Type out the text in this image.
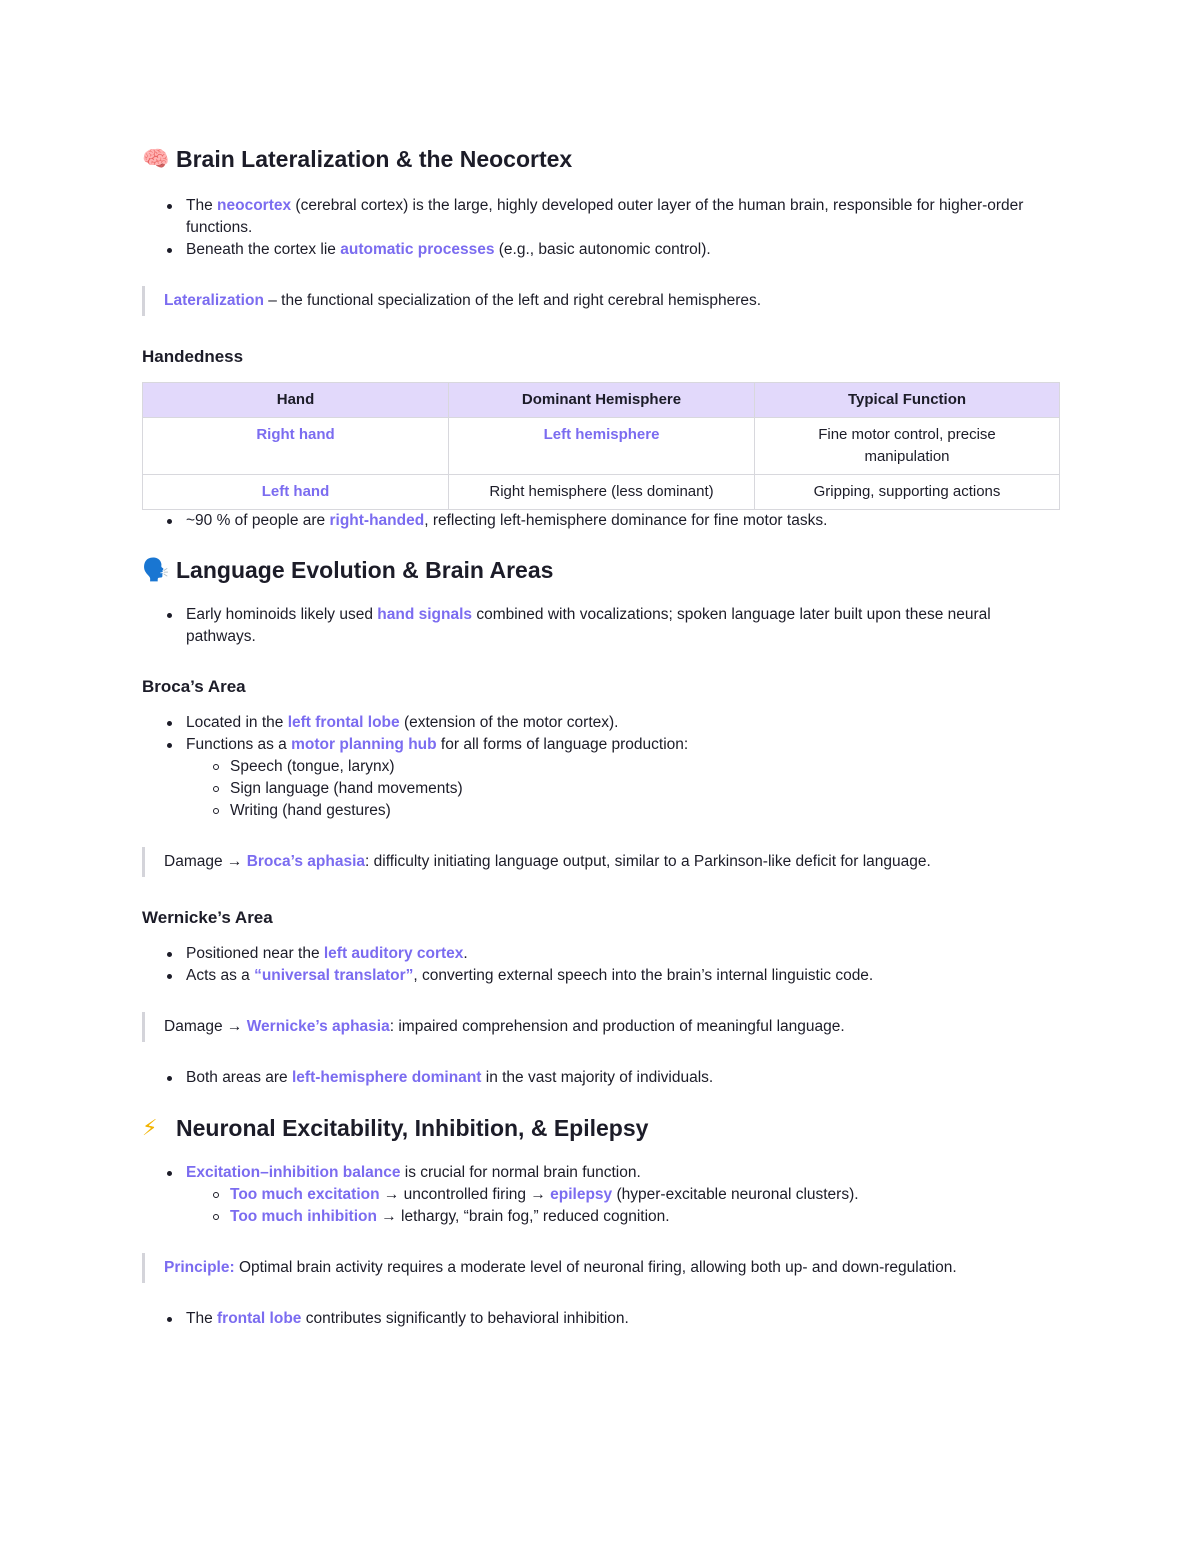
🧠 Brain Lateralization & the Neocortex
The neocortex (cerebral cortex) is the large, highly developed outer layer of the human brain, responsible for higher-order functions.
Beneath the cortex lie automatic processes (e.g., basic autonomic control).
Lateralization – the functional specialization of the left and right cerebral hemispheres.
Handedness
Hand	Dominant Hemisphere	Typical Function
Right hand	Left hemisphere	Fine motor control, precise manipulation
Left hand	Right hemisphere (less dominant)	Gripping, supporting actions
~90 % of people are right-handed, reflecting left-hemisphere dominance for fine motor tasks.
🗣️ Language Evolution & Brain Areas
Early hominoids likely used hand signals combined with vocalizations; spoken language later built upon these neural pathways.
Broca’s Area
Located in the left frontal lobe (extension of the motor cortex).
Functions as a motor planning hub for all forms of language production:
Speech (tongue, larynx)
Sign language (hand movements)
Writing (hand gestures)
Damage → Broca’s aphasia: difficulty initiating language output, similar to a Parkinson-like deficit for language.
Wernicke’s Area
Positioned near the left auditory cortex.
Acts as a “universal translator”, converting external speech into the brain’s internal linguistic code.
Damage → Wernicke’s aphasia: impaired comprehension and production of meaningful language.
Both areas are left-hemisphere dominant in the vast majority of individuals.
⚡ Neuronal Excitability, Inhibition, & Epilepsy
Excitation–inhibition balance is crucial for normal brain function.
Too much excitation → uncontrolled firing → epilepsy (hyper-excitable neuronal clusters).
Too much inhibition → lethargy, “brain fog,” reduced cognition.
Principle: Optimal brain activity requires a moderate level of neuronal firing, allowing both up- and down-regulation.
The frontal lobe contributes significantly to behavioral inhibition.
